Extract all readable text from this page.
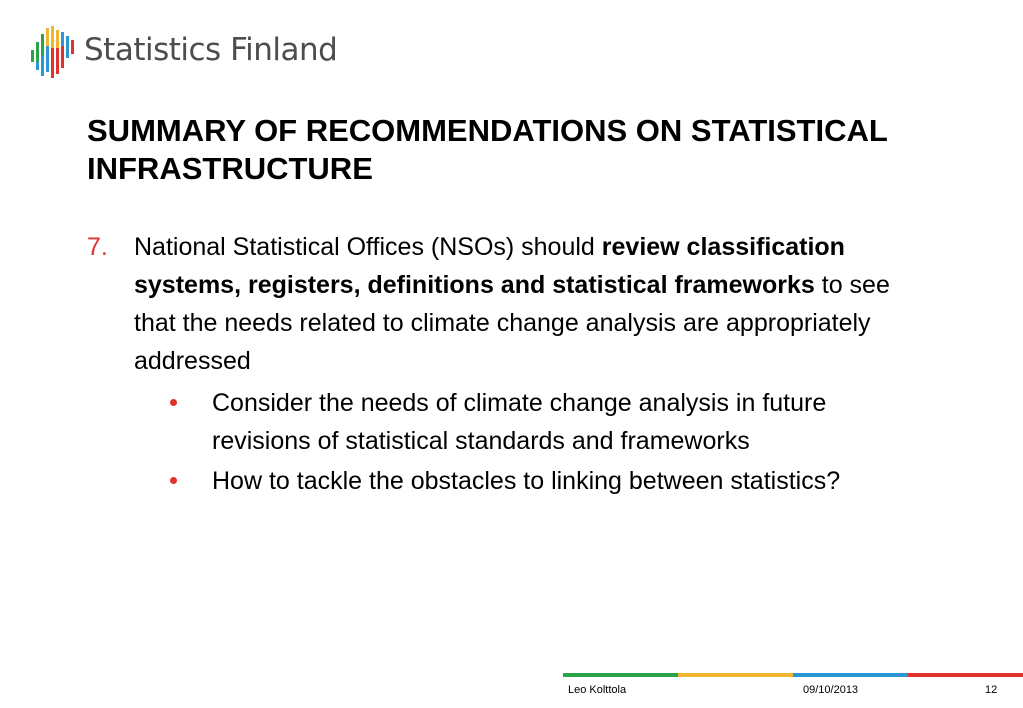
Statistics Finland
SUMMARY OF RECOMMENDATIONS ON STATISTICAL INFRASTRUCTURE
7.	National Statistical Offices (NSOs) should review classification systems, registers, definitions and statistical frameworks to see that the needs related to climate change analysis are appropriately addressed
Consider the needs of climate change analysis in future revisions of statistical standards and frameworks
How to tackle the obstacles to linking between statistics?
Leo Kolttola	09/10/2013	12
